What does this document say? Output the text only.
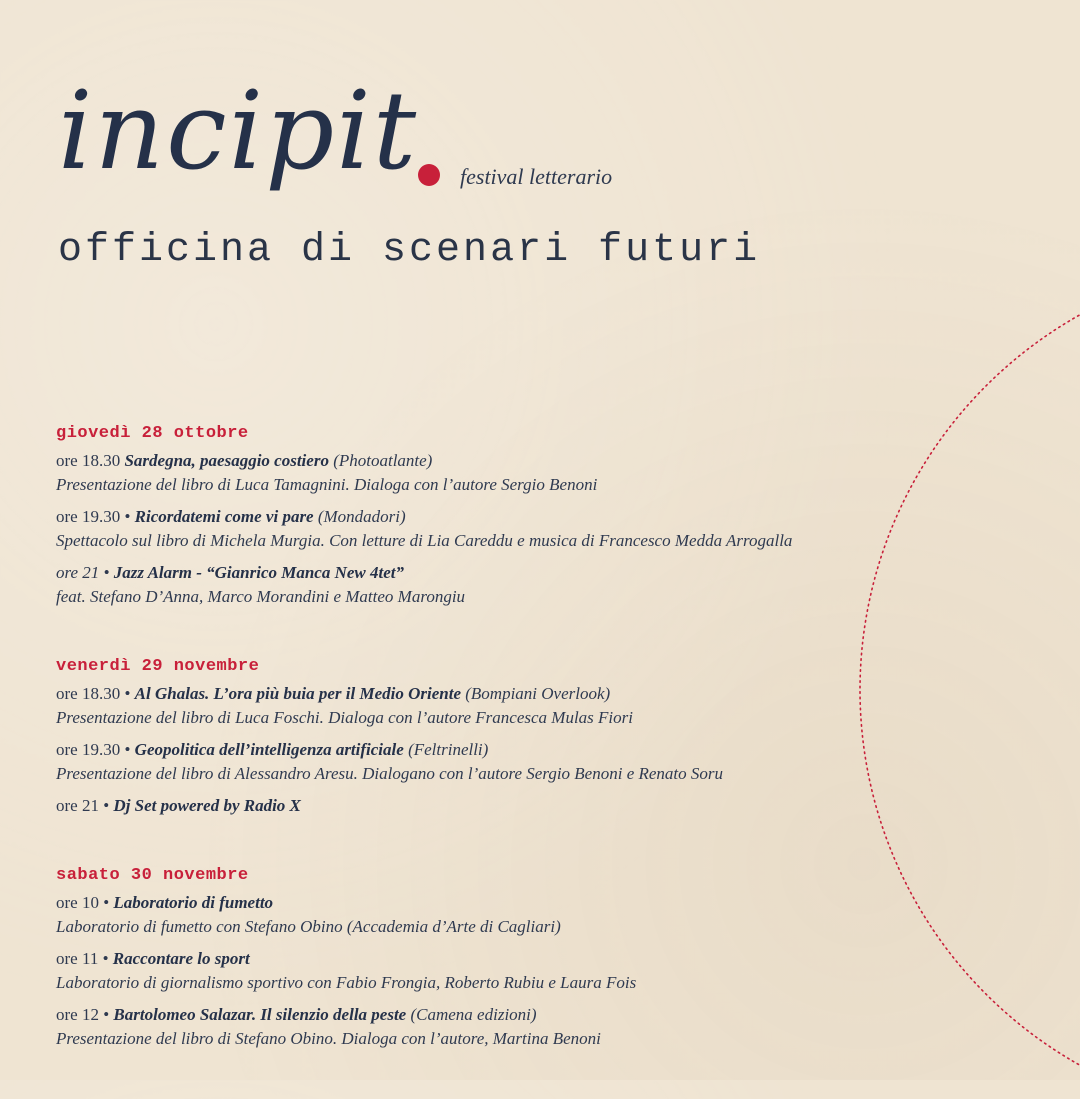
incipit festival letterario
officina di scenari futuri
giovedì 28 ottobre
ore 18.30 Sardegna, paesaggio costiero (Photoatlante)
Presentazione del libro di Luca Tamagnini. Dialoga con l’autore Sergio Benoni
ore 19.30 • Ricordatemi come vi pare (Mondadori)
Spettacolo sul libro di Michela Murgia. Con letture di Lia Careddu e musica di Francesco Medda Arrogalla
ore 21 • Jazz Alarm - “Gianrico Manca New 4tet”
feat. Stefano D’Anna, Marco Morandini e Matteo Marongiu
venerdì 29 novembre
ore 18.30 • Al Ghalas. L’ora più buia per il Medio Oriente (Bompiani Overlook)
Presentazione del libro di Luca Foschi. Dialoga con l’autore Francesca Mulas Fiori
ore 19.30 • Geopolitica dell’intelligenza artificiale (Feltrinelli)
Presentazione del libro di Alessandro Aresu. Dialogano con l’autore Sergio Benoni e Renato Soru
ore 21 • Dj Set powered by Radio X
sabato 30 novembre
ore 10 • Laboratorio di fumetto
Laboratorio di fumetto con Stefano Obino (Accademia d’Arte di Cagliari)
ore 11 • Raccontare lo sport
Laboratorio di giornalismo sportivo con Fabio Frongia, Roberto Rubiu e Laura Fois
ore 12 • Bartolomeo Salazar. Il silenzio della peste (Camena edizioni)
Presentazione del libro di Stefano Obino. Dialoga con l’autore, Martina Benoni
